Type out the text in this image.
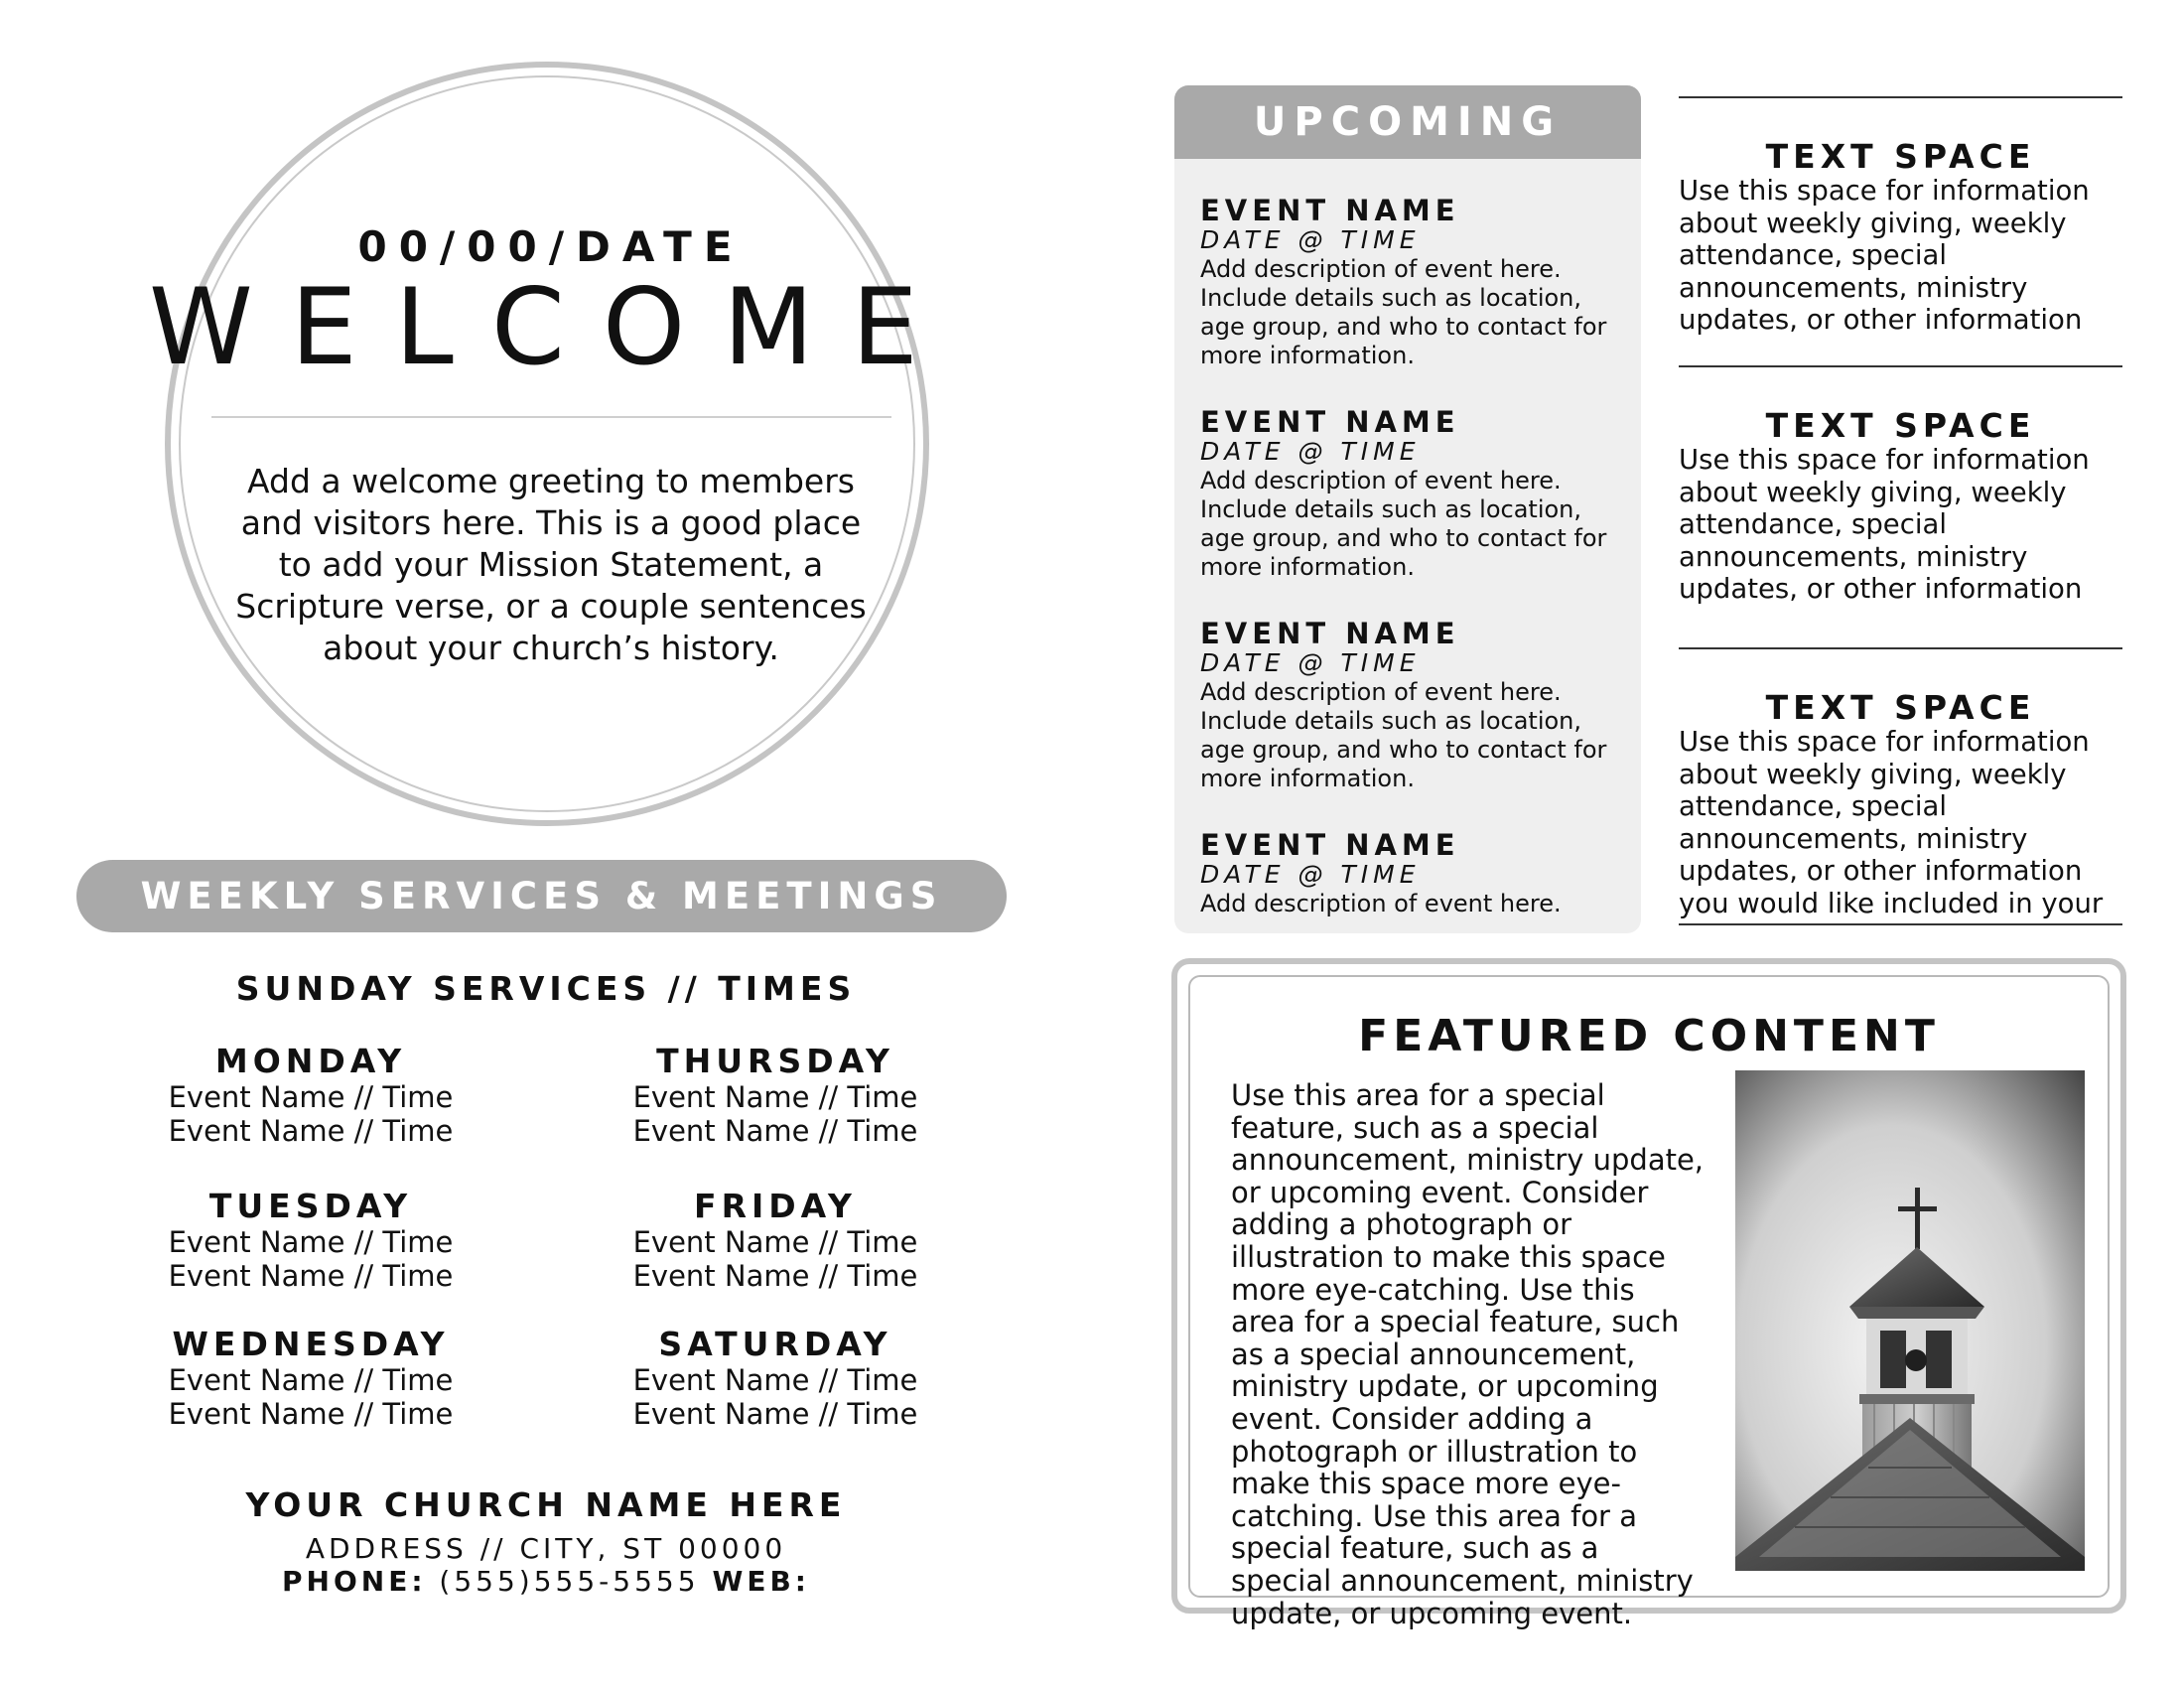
00/00/DATE
WELCOME
Add a welcome greeting to members and visitors here. This is a good place to add your Mission Statement, a Scripture verse, or a couple sentences about your church’s history.
WEEKLY SERVICES & MEETINGS
SUNDAY SERVICES // TIMES
MONDAY
Event Name // Time
Event Name // Time
THURSDAY
Event Name // Time
Event Name // Time
TUESDAY
Event Name // Time
Event Name // Time
FRIDAY
Event Name // Time
Event Name // Time
WEDNESDAY
Event Name // Time
Event Name // Time
SATURDAY
Event Name // Time
Event Name // Time
YOUR CHURCH NAME HERE
ADDRESS // CITY, ST 00000
PHONE: (555)555-5555 WEB:
UPCOMING
EVENT NAME
DATE @ TIME
Add description of event here. Include details such as location, age group, and who to contact for more information.
EVENT NAME
DATE @ TIME
Add description of event here. Include details such as location, age group, and who to contact for more information.
EVENT NAME
DATE @ TIME
Add description of event here. Include details such as location, age group, and who to contact for more information.
EVENT NAME
DATE @ TIME
Add description of event here.
TEXT SPACE
Use this space for information about weekly giving, weekly attendance, special announcements, ministry updates, or other information
TEXT SPACE
Use this space for information about weekly giving, weekly attendance, special announcements, ministry updates, or other information
TEXT SPACE
Use this space for information about weekly giving, weekly attendance, special announcements, ministry updates, or other information you would like included in your
FEATURED CONTENT
Use this area for a special feature, such as a special announcement, ministry update, or upcoming event. Consider adding a photograph or illustration to make this space more eye-catching. Use this area for a special feature, such as a special announcement, ministry update, or upcoming event. Consider adding a photograph or illustration to make this space more eye-catching. Use this area for a special feature, such as a special announcement, ministry update, or upcoming event.
